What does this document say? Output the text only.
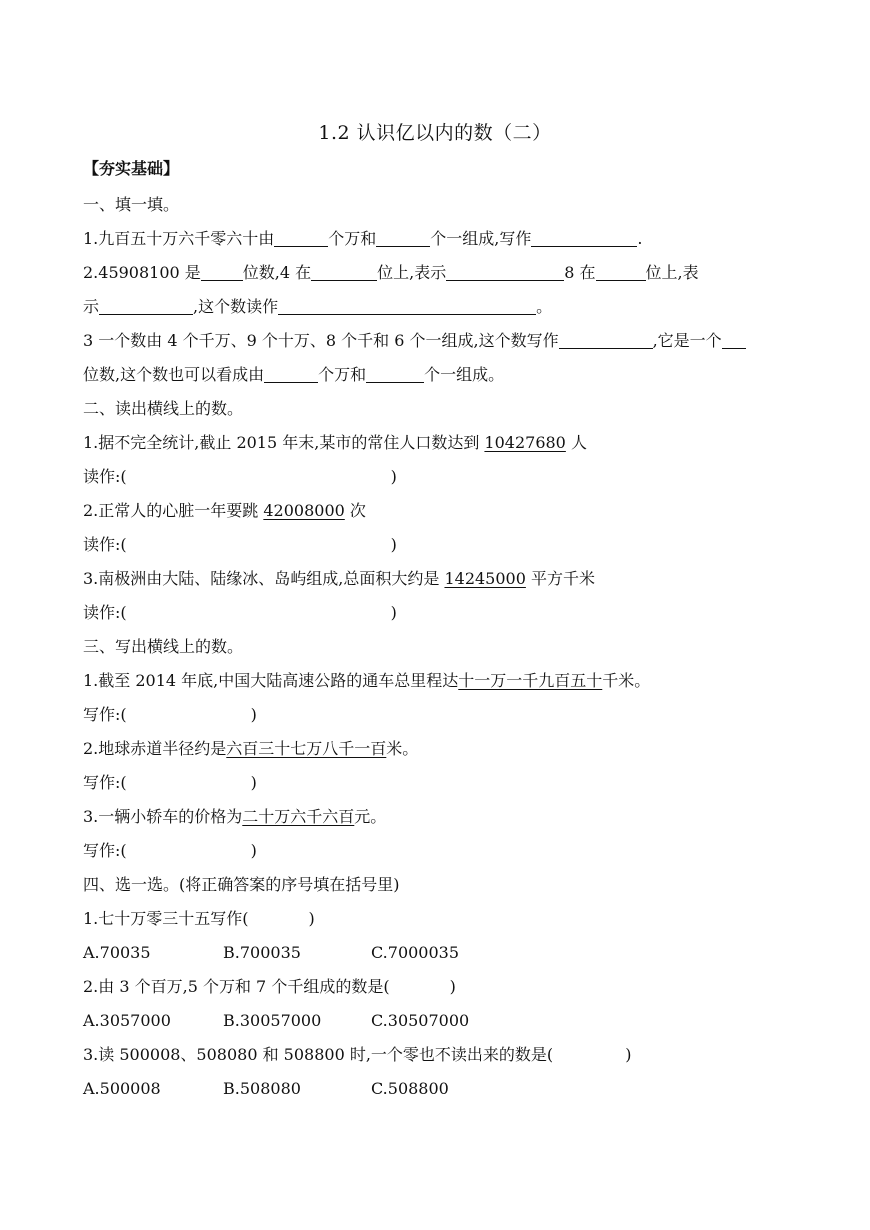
1.2 认识亿以内的数（二）
【夯实基础】
一、填一填。
1.九百五十万六千零六十由	个万和	个一组成,写作	.
2.45908100 是	位数,4 在	位上,表示	8 在	位上,表
示	,这个数读作	。
3 一个数由 4 个千万、9 个十万、8 个千和 6 个一组成,这个数写作	,它是一个
位数,这个数也可以看成由	个万和	个一组成。
二、读出横线上的数。
1.据不完全统计,截止 2015 年末,某市的常住人口数达到 10427680 人
读作:(	)
2.正常人的心脏一年要跳 42008000 次
读作:(	)
3.南极洲由大陆、陆缘冰、岛屿组成,总面积大约是 14245000 平方千米
读作:(	)
三、写出横线上的数。
1.截至 2014 年底,中国大陆高速公路的通车总里程达十一万一千九百五十千米。
写作:(	)
2.地球赤道半径约是六百三十七万八千一百米。
写作:(	)
3.一辆小轿车的价格为二十万六千六百元。
写作:(	)
四、选一选。(将正确答案的序号填在括号里)
1.七十万零三十五写作(	)
A.70035	B.700035	C.7000035
2.由 3 个百万,5 个万和 7 个千组成的数是(	)
A.3057000	B.30057000	C.30507000
3.读 500008、508080 和 508800 时,一个零也不读出来的数是(	)
A.500008	B.508080	C.508800
